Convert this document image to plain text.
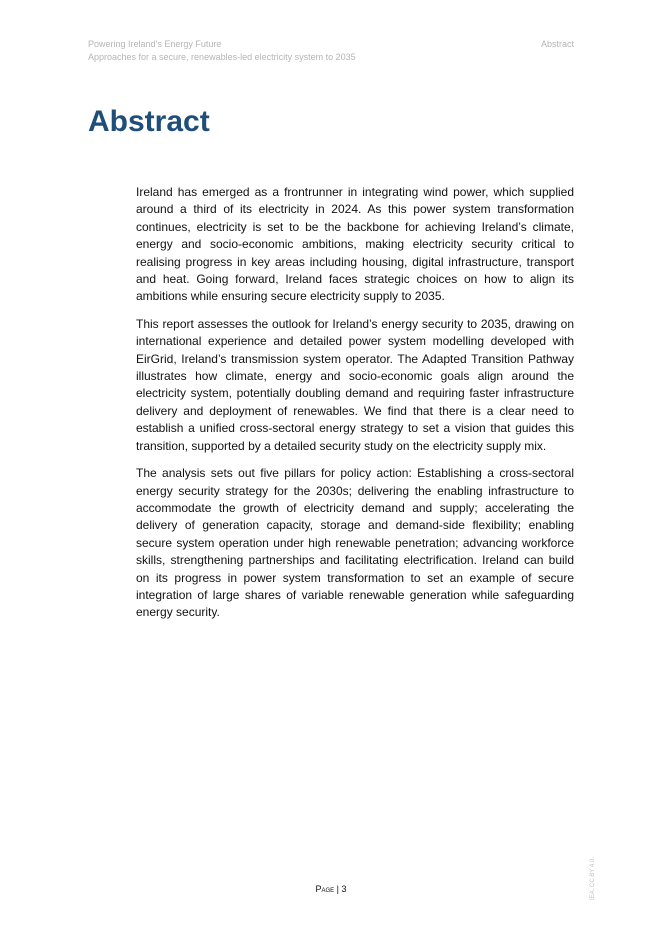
Powering Ireland’s Energy Future
Approaches for a secure, renewables-led electricity system to 2035
Abstract
Abstract

Ireland has emerged as a frontrunner in integrating wind power, which supplied around a third of its electricity in 2024. As this power system transformation continues, electricity is set to be the backbone for achieving Ireland’s climate, energy and socio-economic ambitions, making electricity security critical to realising progress in key areas including housing, digital infrastructure, transport and heat. Going forward, Ireland faces strategic choices on how to align its ambitions while ensuring secure electricity supply to 2035.

This report assesses the outlook for Ireland’s energy security to 2035, drawing on international experience and detailed power system modelling developed with EirGrid, Ireland’s transmission system operator. The Adapted Transition Pathway illustrates how climate, energy and socio-economic goals align around the electricity system, potentially doubling demand and requiring faster infrastructure delivery and deployment of renewables. We find that there is a clear need to establish a unified cross-sectoral energy strategy to set a vision that guides this transition, supported by a detailed security study on the electricity supply mix.

The analysis sets out five pillars for policy action: Establishing a cross-sectoral energy security strategy for the 2030s; delivering the enabling infrastructure to accommodate the growth of electricity demand and supply; accelerating the delivery of generation capacity, storage and demand-side flexibility; enabling secure system operation under high renewable penetration; advancing workforce skills, strengthening partnerships and facilitating electrification. Ireland can build on its progress in power system transformation to set an example of secure integration of large shares of variable renewable generation while safeguarding energy security.

Page | 3	IEA. CC BY 4.0.
